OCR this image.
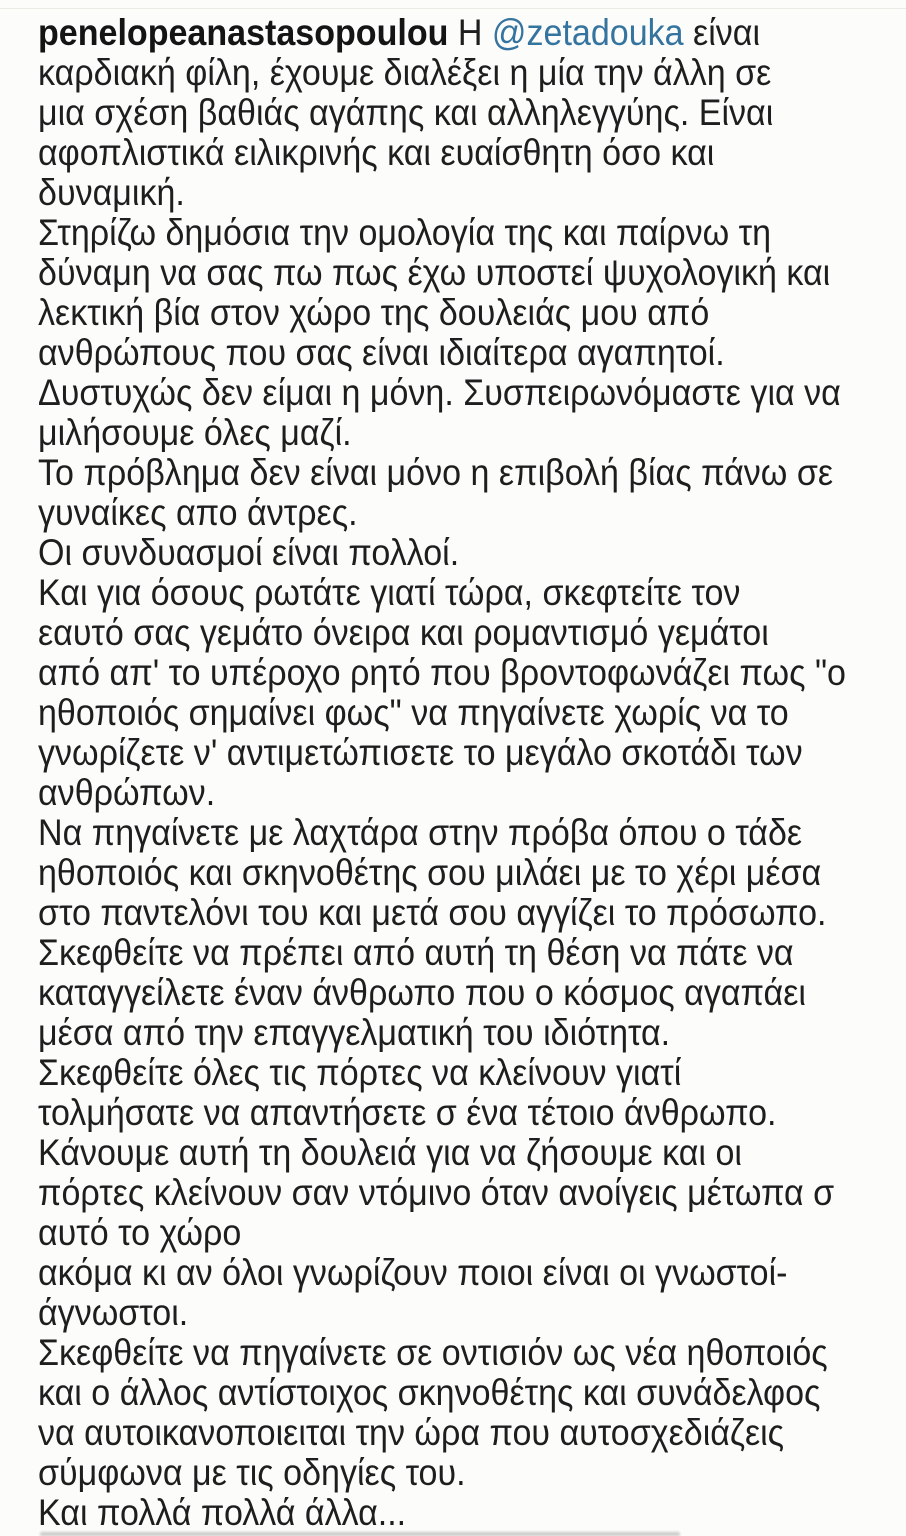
penelopeanastasopoulou Η @zetadouka είναι
καρδιακή φίλη, έχουμε διαλέξει η μία την άλλη σε
μια σχέση βαθιάς αγάπης και αλληλεγγύης. Είναι
αφοπλιστικά ειλικρινής και ευαίσθητη όσο και
δυναμική.
Στηρίζω δημόσια την ομολογία της και παίρνω τη
δύναμη να σας πω πως έχω υποστεί ψυχολογική και
λεκτική βία στον χώρο της δουλειάς μου από
ανθρώπους που σας είναι ιδιαίτερα αγαπητοί.
Δυστυχώς δεν είμαι η μόνη. Συσπειρωνόμαστε για να
μιλήσουμε όλες μαζί.
Το πρόβλημα δεν είναι μόνο η επιβολή βίας πάνω σε
γυναίκες απο άντρες.
Οι συνδυασμοί είναι πολλοί.
Και για όσους ρωτάτε γιατί τώρα, σκεφτείτε τον
εαυτό σας γεμάτο όνειρα και ρομαντισμό γεμάτοι
από απ' το υπέροχο ρητό που βροντοφωνάζει πως "ο
ηθοποιός σημαίνει φως" να πηγαίνετε χωρίς να το
γνωρίζετε ν' αντιμετώπισετε το μεγάλο σκοτάδι των
ανθρώπων.
Να πηγαίνετε με λαχτάρα στην πρόβα όπου ο τάδε
ηθοποιός και σκηνοθέτης σου μιλάει με το χέρι μέσα
στο παντελόνι του και μετά σου αγγίζει το πρόσωπο.
Σκεφθείτε να πρέπει από αυτή τη θέση να πάτε να
καταγγείλετε έναν άνθρωπο που ο κόσμος αγαπάει
μέσα από την επαγγελματική του ιδιότητα.
Σκεφθείτε όλες τις πόρτες να κλείνουν γιατί
τολμήσατε να απαντήσετε σ ένα τέτοιο άνθρωπο.
Κάνουμε αυτή τη δουλειά για να ζήσουμε και οι
πόρτες κλείνουν σαν ντόμινο όταν ανοίγεις μέτωπα σ
αυτό το χώρο
ακόμα κι αν όλοι γνωρίζουν ποιοι είναι οι γνωστοί-
άγνωστοι.
Σκεφθείτε να πηγαίνετε σε οντισιόν ως νέα ηθοποιός
και ο άλλος αντίστοιχος σκηνοθέτης και συνάδελφος
να αυτοικανοποιειται την ώρα που αυτοσχεδιάζεις
σύμφωνα με τις οδηγίες του.
Και πολλά πολλά άλλα...
